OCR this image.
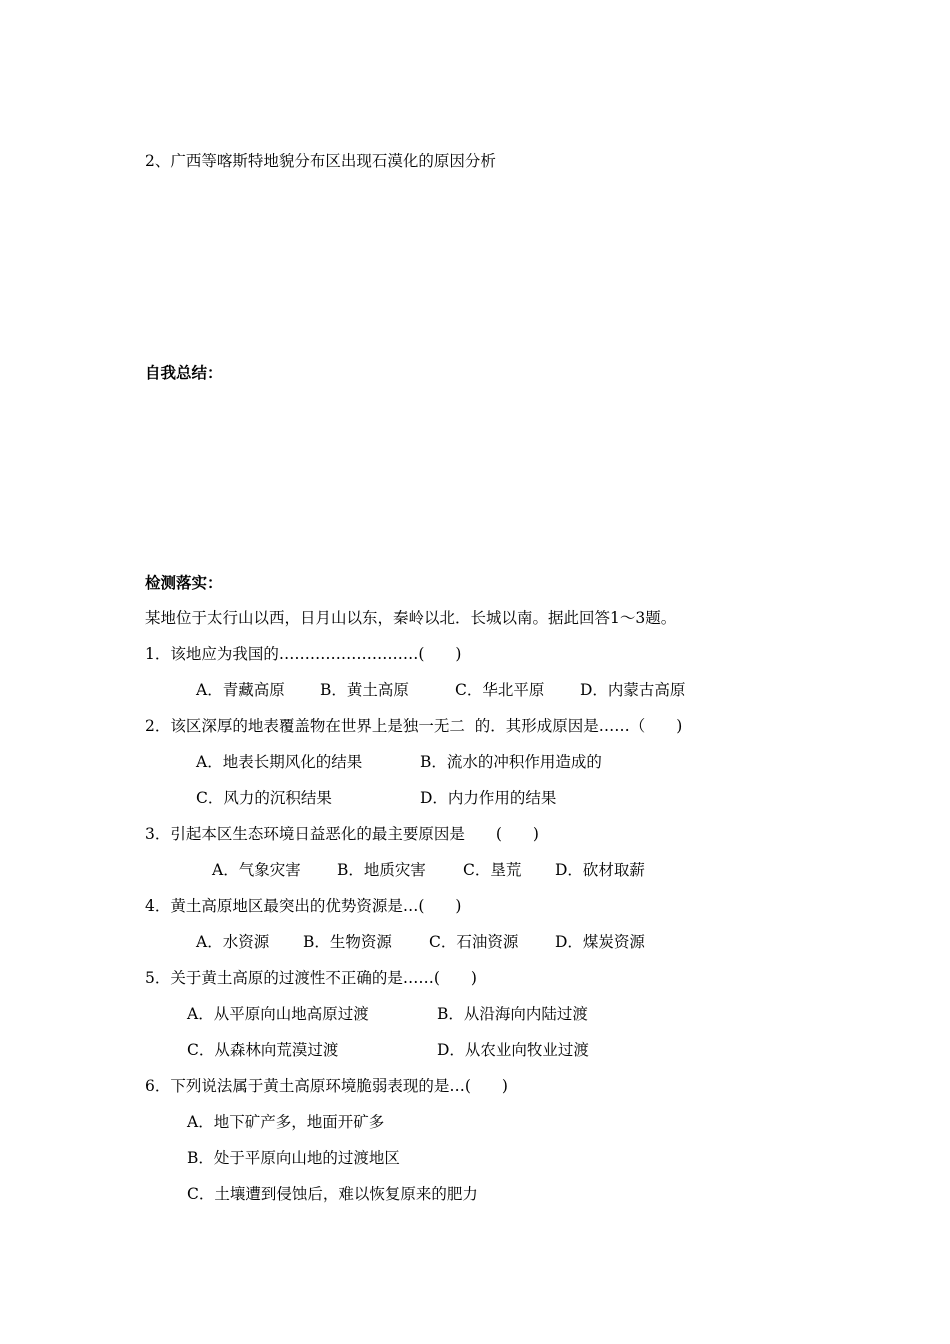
2、广西等喀斯特地貌分布区出现石漠化的原因分析
自我总结：
检测落实：
某地位于太行山以西，日月山以东，秦岭以北．长城以南。据此回答1～3题。
1．该地应为我国的………………………(　　)
A．青藏高原 B．黄土高原	C．华北平原 D．内蒙古高原
2．该区深厚的地表覆盖物在世界上是独一无二  的．其形成原因是……（　　)
A．地表长期风化的结果	B．流水的冲积作用造成的
C．风力的沉积结果	D．内力作用的结果
3．引起本区生态环境日益恶化的最主要原因是　　(　　)
A．气象灾害 B．地质灾害 C．垦荒 D．砍材取薪
4．黄土高原地区最突出的优势资源是…(　　)
A．水资源 B．生物资源 C．石油资源 D．煤炭资源
5．关于黄土高原的过渡性不正确的是……(　　)
A．从平原向山地高原过渡	B．从沿海向内陆过渡
C．从森林向荒漠过渡	D．从农业向牧业过渡
6．下列说法属于黄土高原环境脆弱表现的是…(　　)
A．地下矿产多，地面开矿多
B．处于平原向山地的过渡地区
C．土壤遭到侵蚀后，难以恢复原来的肥力
